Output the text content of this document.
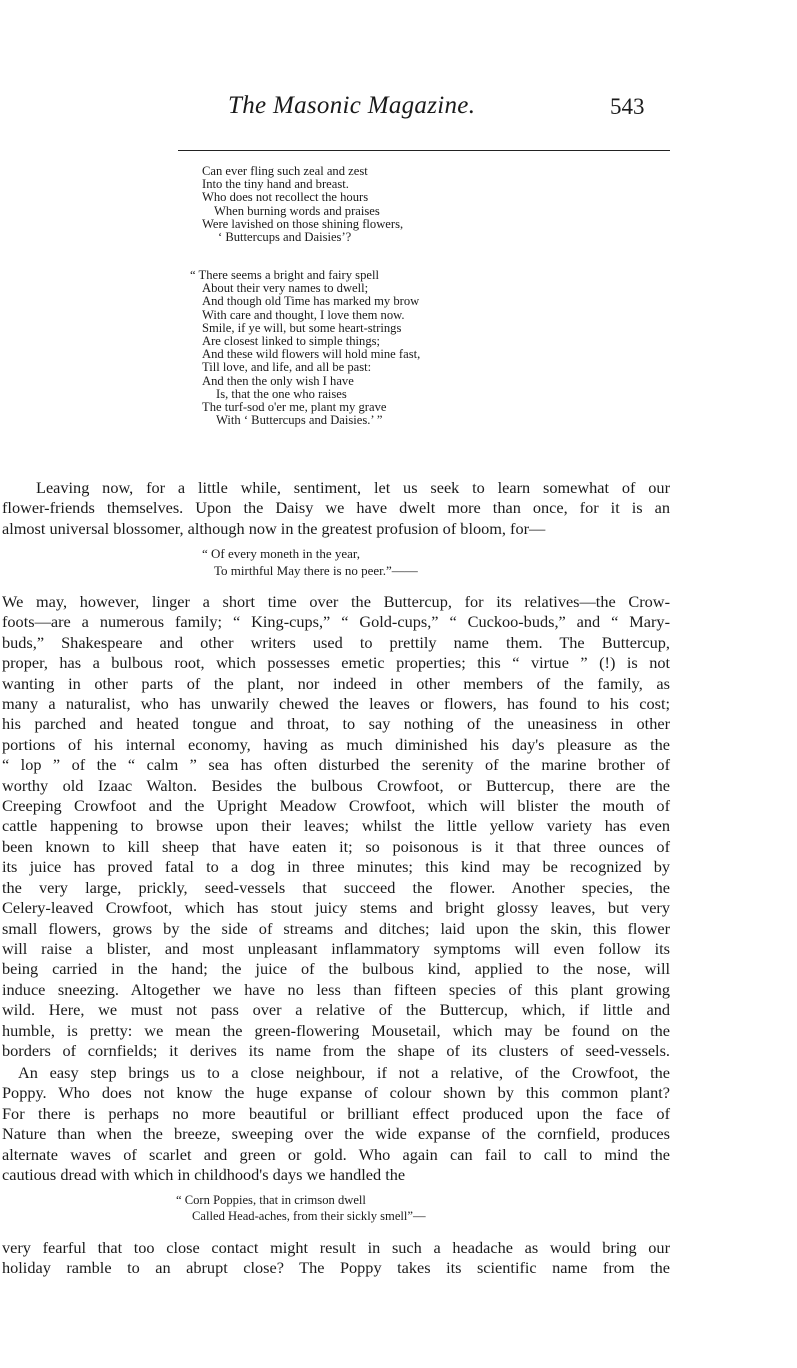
The Masonic Magazine.	543
Can ever fling such zeal and zest
Into the tiny hand and breast.
Who does not recollect the hours
When burning words and praises
Were lavished on those shining flowers,
‘ Buttercups and Daisies’?
“ There seems a bright and fairy spell
About their very names to dwell;
And though old Time has marked my brow
With care and thought, I love them now.
Smile, if ye will, but some heart-strings
Are closest linked to simple things;
And these wild flowers will hold mine fast,
Till love, and life, and all be past:
And then the only wish I have
Is, that the one who raises
The turf-sod o'er me, plant my grave
With ‘ Buttercups and Daisies.’ ”
Leaving now, for a little while, sentiment, let us seek to learn somewhat of our
flower-friends themselves. Upon the Daisy we have dwelt more than once, for it is an
almost universal blossomer, although now in the greatest profusion of bloom, for—
“ Of every moneth in the year,
To mirthful May there is no peer.”——
We may, however, linger a short time over the Buttercup, for its relatives—the Crow-
foots—are a numerous family; “ King-cups,” “ Gold-cups,” “ Cuckoo-buds,” and “ Mary-
buds,” Shakespeare and other writers used to prettily name them. The Buttercup,
proper, has a bulbous root, which possesses emetic properties; this “ virtue ” (!) is not
wanting in other parts of the plant, nor indeed in other members of the family, as
many a naturalist, who has unwarily chewed the leaves or flowers, has found to his cost;
his parched and heated tongue and throat, to say nothing of the uneasiness in other
portions of his internal economy, having as much diminished his day's pleasure as the
“ lop ” of the “ calm ” sea has often disturbed the serenity of the marine brother of
worthy old Izaac Walton. Besides the bulbous Crowfoot, or Buttercup, there are the
Creeping Crowfoot and the Upright Meadow Crowfoot, which will blister the mouth of
cattle happening to browse upon their leaves; whilst the little yellow variety has even
been known to kill sheep that have eaten it; so poisonous is it that three ounces of
its juice has proved fatal to a dog in three minutes; this kind may be recognized by
the very large, prickly, seed-vessels that succeed the flower. Another species, the
Celery-leaved Crowfoot, which has stout juicy stems and bright glossy leaves, but very
small flowers, grows by the side of streams and ditches; laid upon the skin, this flower
will raise a blister, and most unpleasant inflammatory symptoms will even follow its
being carried in the hand; the juice of the bulbous kind, applied to the nose, will
induce sneezing. Altogether we have no less than fifteen species of this plant growing
wild. Here, we must not pass over a relative of the Buttercup, which, if little and
humble, is pretty: we mean the green-flowering Mousetail, which may be found on the
borders of cornfields; it derives its name from the shape of its clusters of seed-vessels.
An easy step brings us to a close neighbour, if not a relative, of the Crowfoot, the
Poppy. Who does not know the huge expanse of colour shown by this common plant?
For there is perhaps no more beautiful or brilliant effect produced upon the face of
Nature than when the breeze, sweeping over the wide expanse of the cornfield, produces
alternate waves of scarlet and green or gold. Who again can fail to call to mind the
cautious dread with which in childhood's days we handled the
“ Corn Poppies, that in crimson dwell
Called Head-aches, from their sickly smell”—
very fearful that too close contact might result in such a headache as would bring our
holiday ramble to an abrupt close? The Poppy takes its scientific name from the
